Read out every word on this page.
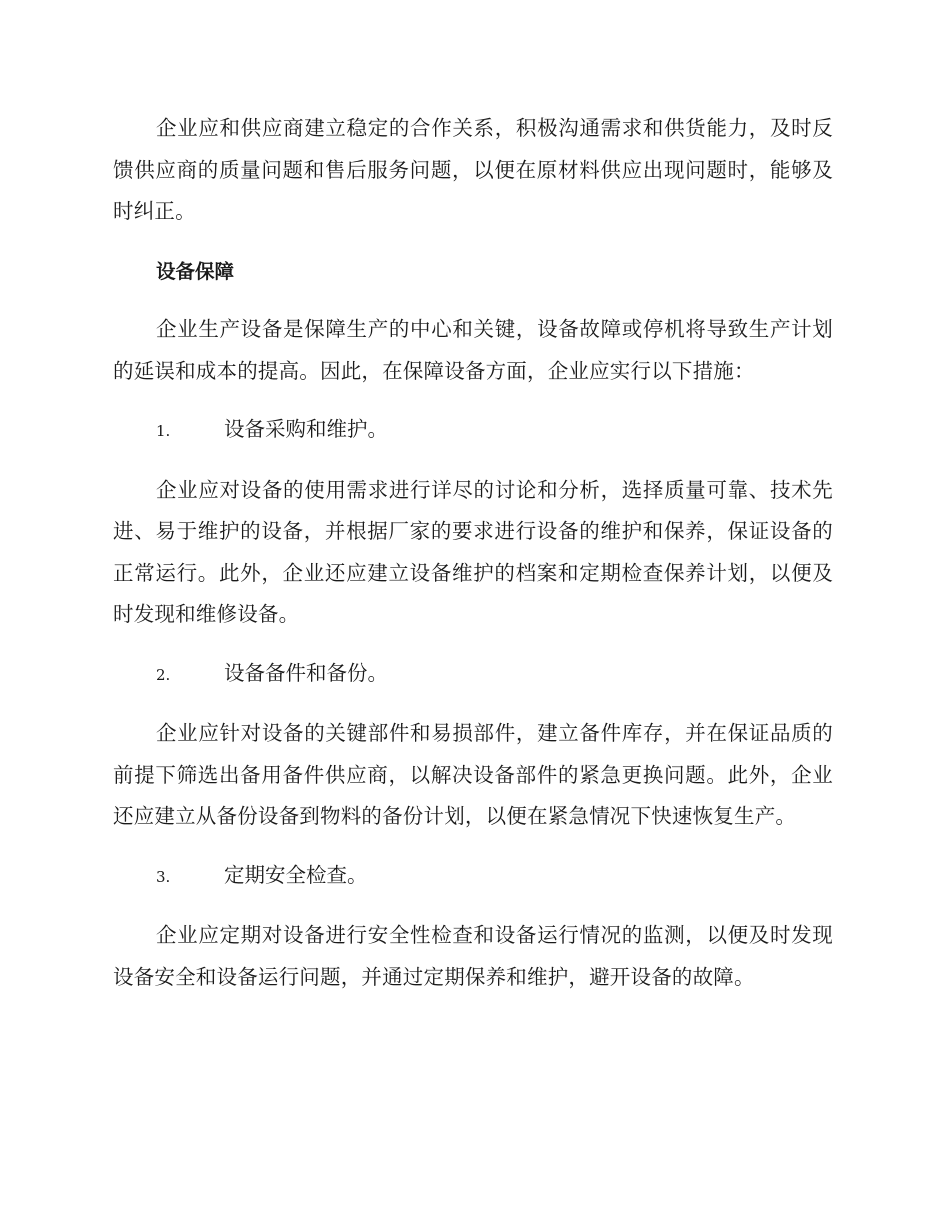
企业应和供应商建立稳定的合作关系，积极沟通需求和供货能力，及时反馈供应商的质量问题和售后服务问题，以便在原材料供应出现问题时，能够及时纠正。

设备保障

企业生产设备是保障生产的中心和关键，设备故障或停机将导致生产计划的延误和成本的提高。因此，在保障设备方面，企业应实行以下措施：

1.	设备采购和维护。

企业应对设备的使用需求进行详尽的讨论和分析，选择质量可靠、技术先进、易于维护的设备，并根据厂家的要求进行设备的维护和保养，保证设备的正常运行。此外，企业还应建立设备维护的档案和定期检查保养计划，以便及时发现和维修设备。

2.	设备备件和备份。

企业应针对设备的关键部件和易损部件，建立备件库存，并在保证品质的前提下筛选出备用备件供应商，以解决设备部件的紧急更换问题。此外，企业还应建立从备份设备到物料的备份计划，以便在紧急情况下快速恢复生产。

3.	定期安全检查。

企业应定期对设备进行安全性检查和设备运行情况的监测，以便及时发现设备安全和设备运行问题，并通过定期保养和维护，避开设备的故障。
